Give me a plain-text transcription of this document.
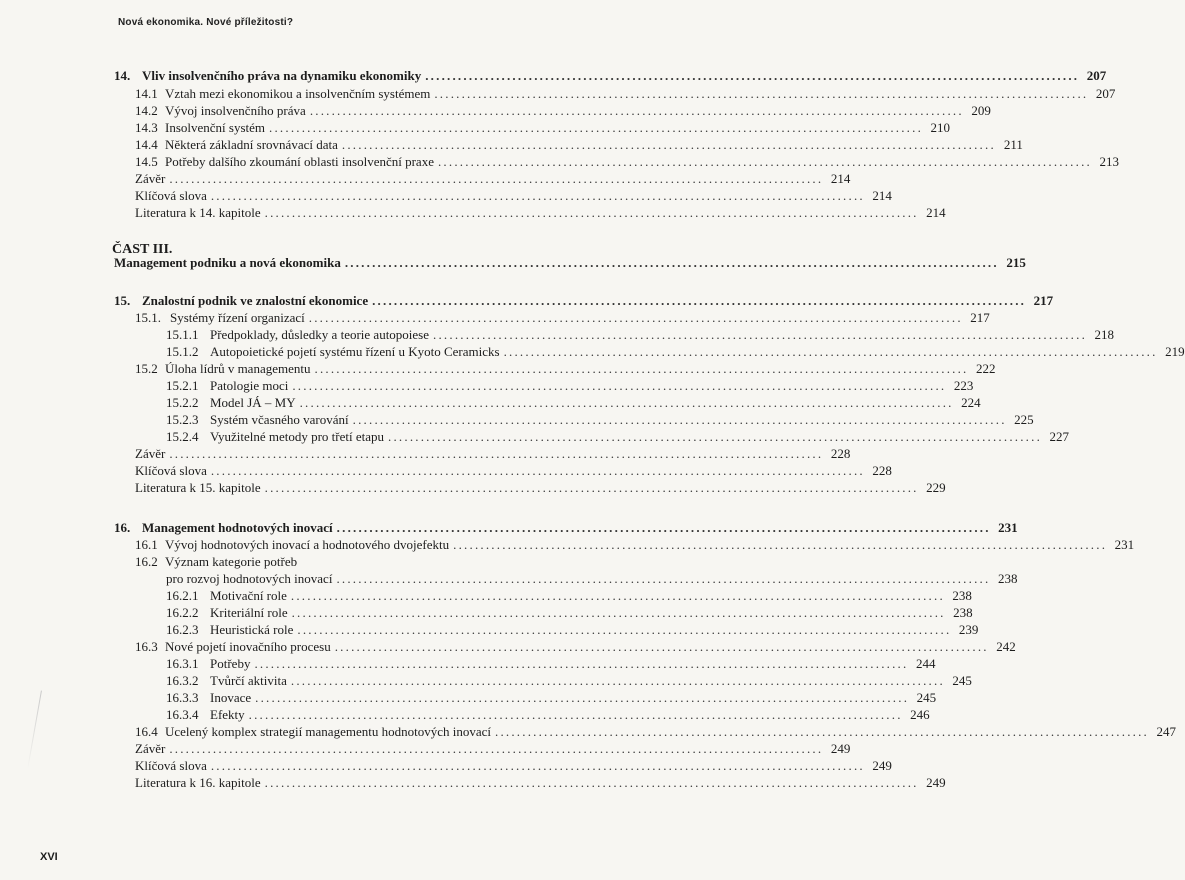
Nová ekonomika. Nové příležitosti?
ČAST III.
14. Vliv insolvenčního práva na dynamiku ekonomiky ........................................................................................................................ 207
14.1 Vztah mezi ekonomikou a insolvenčním systémem ........................................................................................................................ 207
14.2 Vývoj insolvenčního práva ........................................................................................................................ 209
14.3 Insolvenční systém ........................................................................................................................ 210
14.4 Některá základní srovnávací data ........................................................................................................................ 211
14.5 Potřeby dalšího zkoumání oblasti insolvenční praxe ........................................................................................................................ 213
Závěr ........................................................................................................................ 214
Klíčová slova ........................................................................................................................ 214
Literatura k 14. kapitole ........................................................................................................................ 214
Management podniku a nová ekonomika ........................................................................................................................ 215
15. Znalostní podnik ve znalostní ekonomice ........................................................................................................................ 217
15.1. Systémy řízení organizací ........................................................................................................................ 217
15.1.1 Předpoklady, důsledky a teorie autopoiese ........................................................................................................................ 218
15.1.2 Autopoietické pojetí systému řízení u Kyoto Ceramicks ........................................................................................................................ 219
15.2 Úloha lídrů v managementu ........................................................................................................................ 222
15.2.1 Patologie moci ........................................................................................................................ 223
15.2.2 Model JÁ – MY ........................................................................................................................ 224
15.2.3 Systém včasného varování ........................................................................................................................ 225
15.2.4 Využitelné metody pro třetí etapu ........................................................................................................................ 227
Závěr ........................................................................................................................ 228
Klíčová slova ........................................................................................................................ 228
Literatura k 15. kapitole ........................................................................................................................ 229
16. Management hodnotových inovací ........................................................................................................................ 231
16.1 Vývoj hodnotových inovací a hodnotového dvojefektu ........................................................................................................................ 231
16.2 Význam kategorie potřeb
pro rozvoj hodnotových inovací ........................................................................................................................ 238
16.2.1 Motivační role ........................................................................................................................ 238
16.2.2 Kriteriální role ........................................................................................................................ 238
16.2.3 Heuristická role ........................................................................................................................ 239
16.3 Nové pojetí inovačního procesu ........................................................................................................................ 242
16.3.1 Potřeby ........................................................................................................................ 244
16.3.2 Tvůrčí aktivita ........................................................................................................................ 245
16.3.3 Inovace ........................................................................................................................ 245
16.3.4 Efekty ........................................................................................................................ 246
16.4 Ucelený komplex strategií managementu hodnotových inovací ........................................................................................................................ 247
Závěr ........................................................................................................................ 249
Klíčová slova ........................................................................................................................ 249
Literatura k 16. kapitole ........................................................................................................................ 249
XVI
